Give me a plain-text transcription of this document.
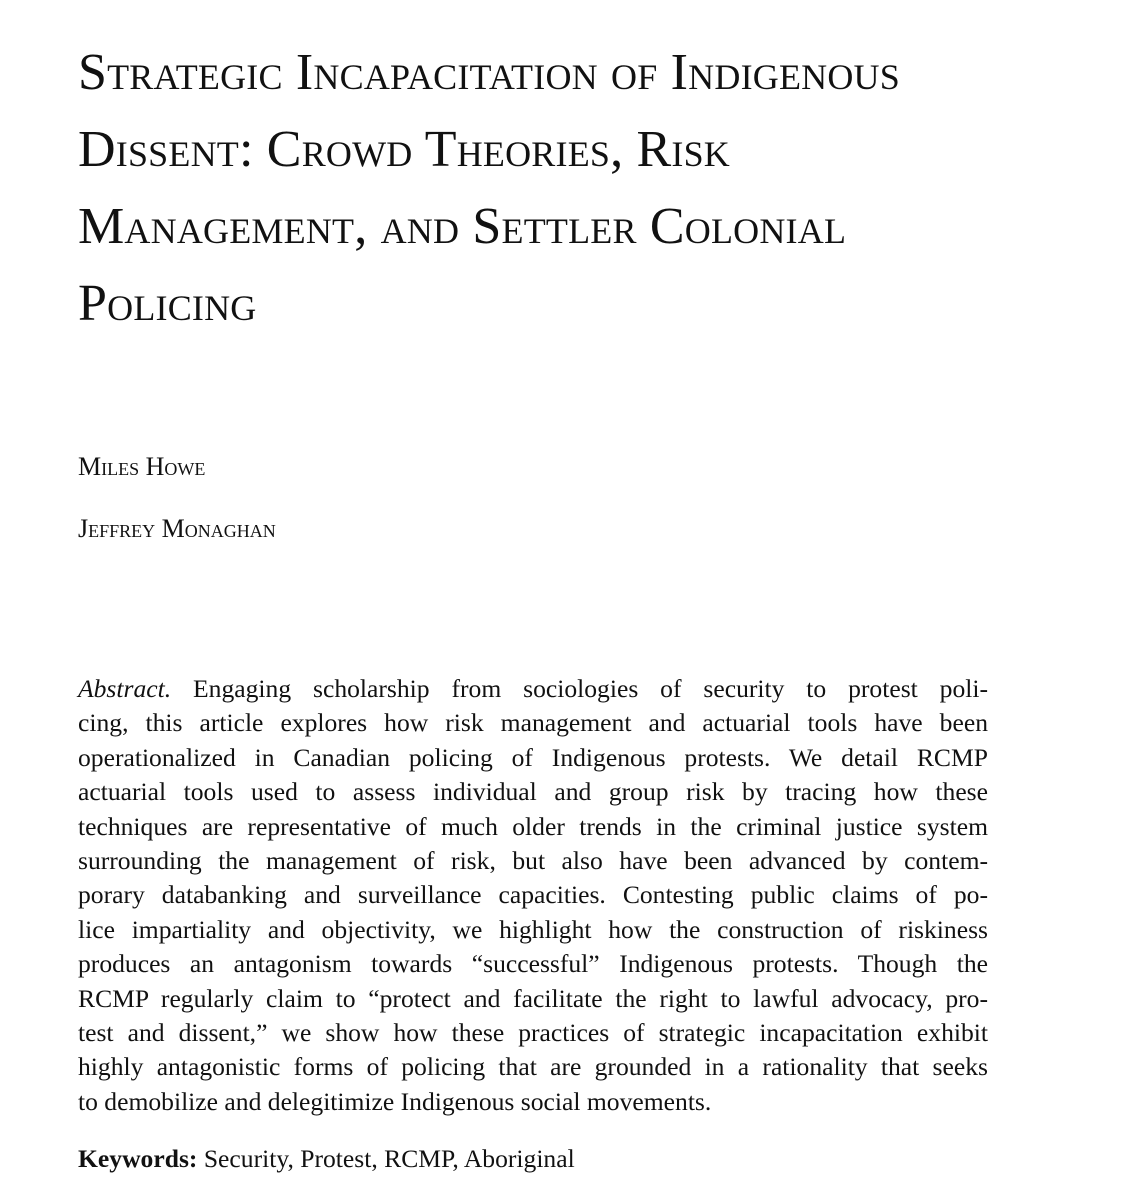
Strategic Incapacitation of Indigenous
Dissent: Crowd Theories, Risk
Management, and Settler Colonial
Policing
Miles Howe
Jeffrey Monaghan
Abstract. Engaging scholarship from sociologies of security to protest poli-
cing, this article explores how risk management and actuarial tools have been
operationalized in Canadian policing of Indigenous protests. We detail RCMP
actuarial tools used to assess individual and group risk by tracing how these
techniques are representative of much older trends in the criminal justice system
surrounding the management of risk, but also have been advanced by contem-
porary databanking and surveillance capacities. Contesting public claims of po-
lice impartiality and objectivity, we highlight how the construction of riskiness
produces an antagonism towards “successful” Indigenous protests. Though the
RCMP regularly claim to “protect and facilitate the right to lawful advocacy, pro-
test and dissent,” we show how these practices of strategic incapacitation exhibit
highly antagonistic forms of policing that are grounded in a rationality that seeks
to demobilize and delegitimize Indigenous social movements.
Keywords: Security, Protest, RCMP, Aboriginal
